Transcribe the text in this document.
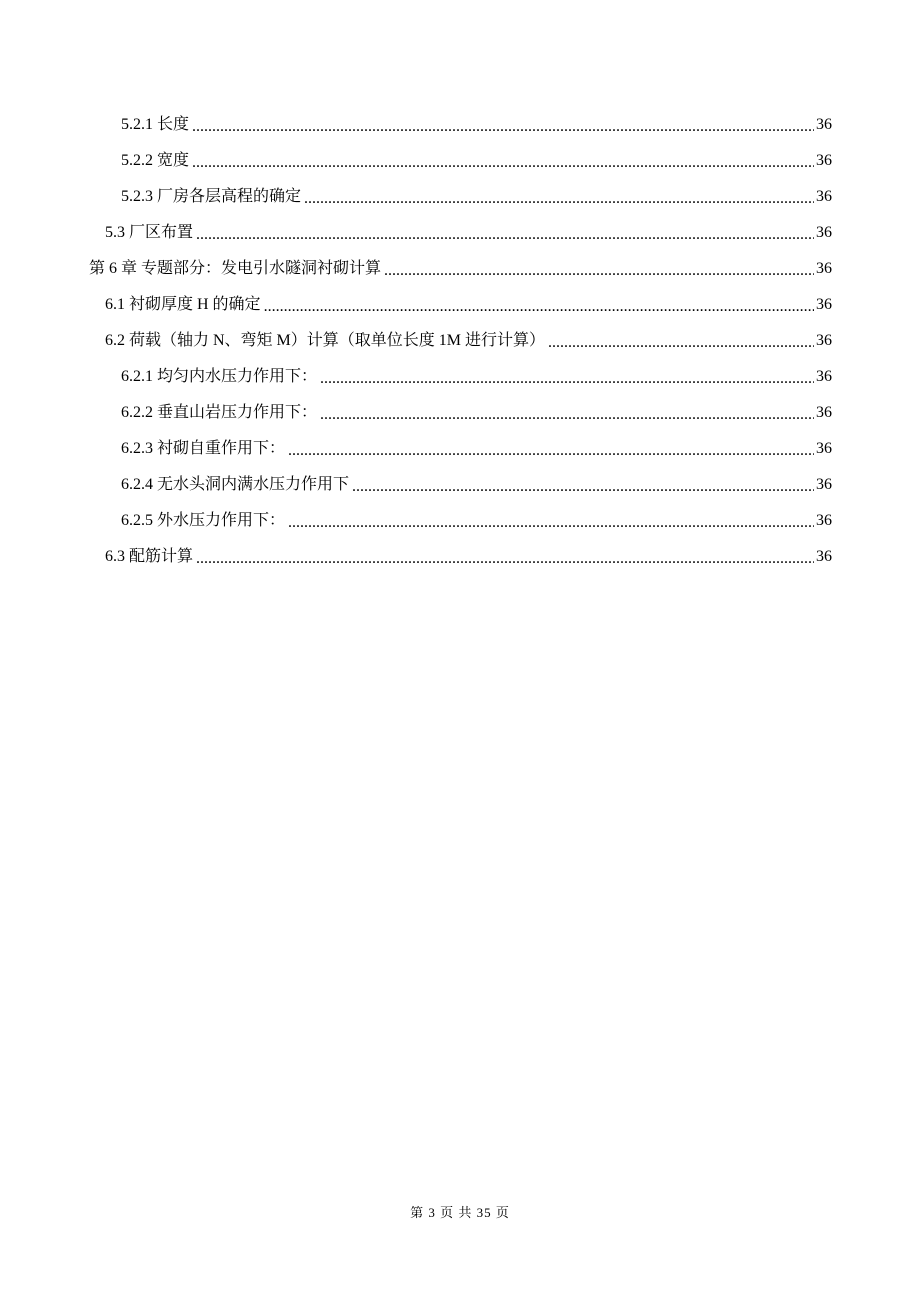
5.2.1 长度 .....	36
5.2.2 宽度 .....	36
5.2.3 厂房各层高程的确定 .....	36
5.3 厂区布置 .....	36
第 6 章 专题部分：发电引水隧洞衬砌计算 .....	36
6.1 衬砌厚度 H 的确定 .....	36
6.2 荷载（轴力 N、弯矩 M）计算（取单位长度 1M 进行计算） .....	36
6.2.1 均匀内水压力作用下： .....	36
6.2.2 垂直山岩压力作用下： .....	36
6.2.3 衬砌自重作用下： .....	36
6.2.4 无水头洞内满水压力作用下 .....	36
6.2.5 外水压力作用下： .....	36
6.3 配筋计算 .....	36
第 3 页 共 35 页
